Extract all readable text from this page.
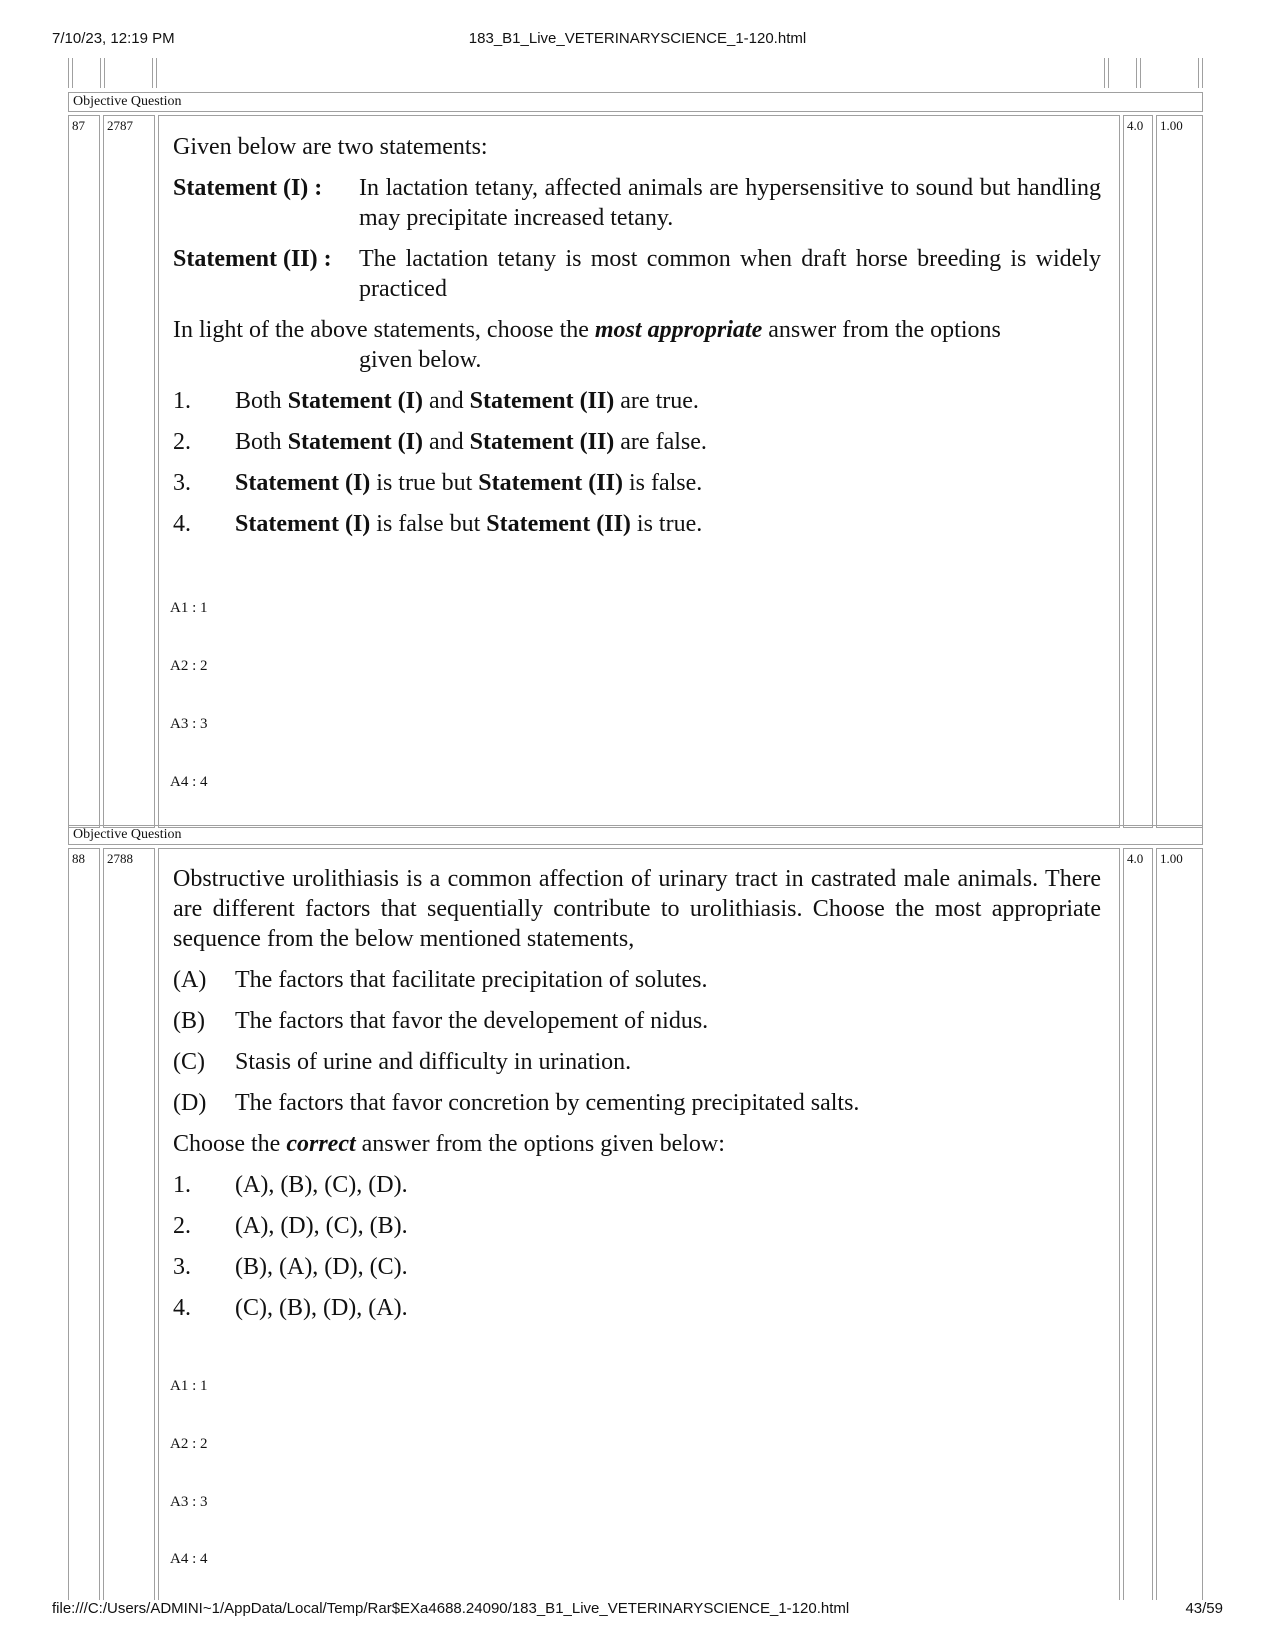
7/10/23, 12:19 PM	183_B1_Live_VETERINARYSCIENCE_1-120.html
Objective Question
87	2787	4.0	1.00

Given below are two statements:

Statement (I) :	In lactation tetany, affected animals are hypersensitive to sound but handling may precipitate increased tetany.
Statement (II) :	The lactation tetany is most common when draft horse breeding is widely practiced
In light of the above statements, choose the most appropriate answer from the options
given below.
1.	Both Statement (I) and Statement (II) are true.
2.	Both Statement (I) and Statement (II) are false.
3.	Statement (I) is true but Statement (II) is false.
4.	Statement (I) is false but Statement (II) is true.
A1 : 1
A2 : 2
A3 : 3
A4 : 4
Objective Question
88	2788	4.0	1.00

Obstructive urolithiasis is a common affection of urinary tract in castrated male animals. There are different factors that sequentially contribute to urolithiasis. Choose the most appropriate sequence from the below mentioned statements,

(A)	The factors that facilitate precipitation of solutes.
(B)	The factors that favor the developement of nidus.
(C)	Stasis of urine and difficulty in urination.
(D)	The factors that favor concretion by cementing precipitated salts.
Choose the correct answer from the options given below:
1.	(A), (B), (C), (D).
2.	(A), (D), (C), (B).
3.	(B), (A), (D), (C).
4.	(C), (B), (D), (A).
A1 : 1
A2 : 2
A3 : 3
A4 : 4
file:///C:/Users/ADMINI~1/AppData/Local/Temp/Rar$EXa4688.24090/183_B1_Live_VETERINARYSCIENCE_1-120.html	43/59
